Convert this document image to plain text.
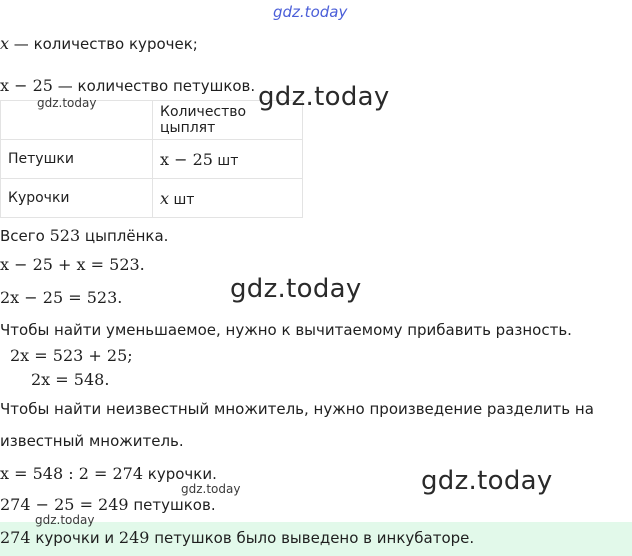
gdz.today
x — количество курочек;
x − 25 — количество петушков.
	Количество цыплят
Петушки	x − 25 шт
Курочки	x шт
Всего 523 цыплёнка.
x − 25 + x = 523.
2x − 25 = 523.
Чтобы найти уменьшаемое, нужно к вычитаемому прибавить разность.
2x = 523 + 25;
2x = 548.
Чтобы найти неизвестный множитель, нужно произведение разделить на
известный множитель.
x = 548 : 2 = 274 курочки.
274 − 25 = 249 петушков.
274 курочки и 249 петушков было выведено в инкубаторе.
gdz.today
gdz.today
gdz.today
gdz.today
gdz.today
gdz.today
